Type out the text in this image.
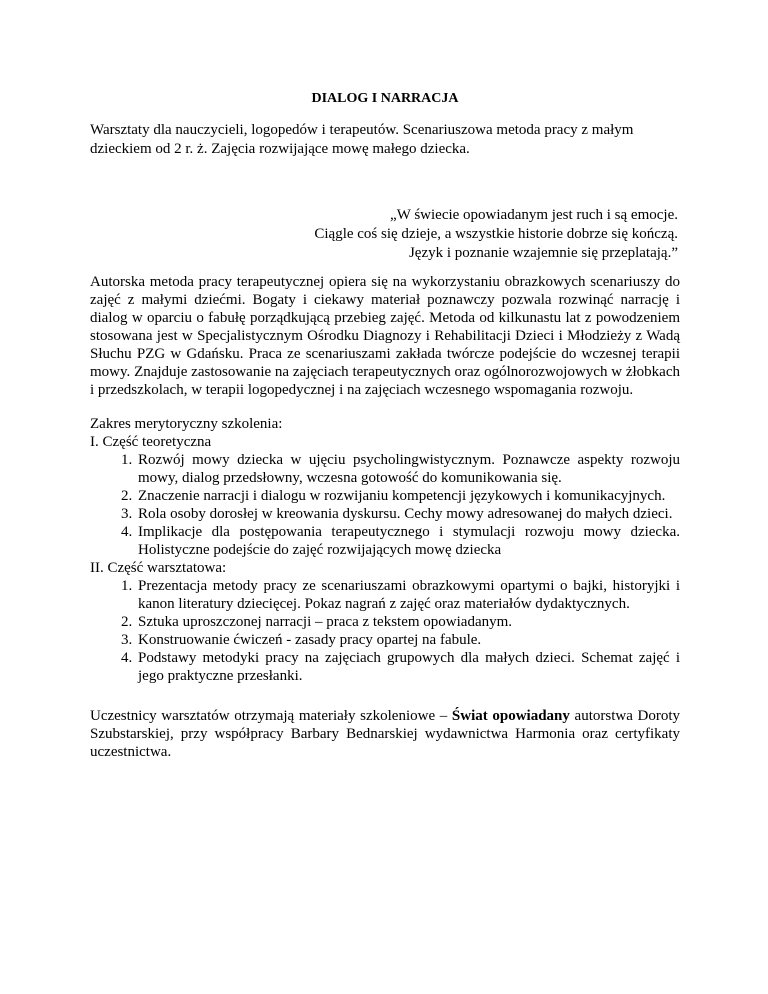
DIALOG I NARRACJA
Warsztaty dla nauczycieli, logopedów i terapeutów. Scenariuszowa metoda pracy z małym dzieckiem od 2 r. ż. Zajęcia rozwijające mowę małego dziecka.
„W świecie opowiadanym jest ruch i są emocje.
Ciągle coś się dzieje, a wszystkie historie dobrze się kończą.
Język i poznanie wzajemnie się przeplatają.”
Autorska metoda pracy terapeutycznej opiera się na wykorzystaniu obrazkowych scenariuszy do zajęć z małymi dziećmi. Bogaty i ciekawy materiał poznawczy pozwala rozwinąć narrację i dialog w oparciu o fabułę porządkującą przebieg zajęć. Metoda od kilkunastu lat z powodzeniem stosowana jest w Specjalistycznym Ośrodku Diagnozy i Rehabilitacji Dzieci i Młodzieży z Wadą Słuchu PZG w Gdańsku. Praca ze scenariuszami zakłada twórcze podejście do wczesnej terapii mowy. Znajduje zastosowanie na zajęciach terapeutycznych oraz ogólnorozwojowych w żłobkach i przedszkolach, w terapii logopedycznej i na zajęciach wczesnego wspomagania rozwoju.
Zakres merytoryczny szkolenia:
I. Część teoretyczna
1. Rozwój mowy dziecka w ujęciu psycholingwistycznym. Poznawcze aspekty rozwoju mowy, dialog przedsłowny, wczesna gotowość do komunikowania się.
2. Znaczenie narracji i dialogu w rozwijaniu kompetencji językowych i komunikacyjnych.
3. Rola osoby dorosłej w kreowania dyskursu. Cechy mowy adresowanej do małych dzieci.
4. Implikacje dla postępowania terapeutycznego i stymulacji rozwoju mowy dziecka. Holistyczne podejście do zajęć rozwijających mowę dziecka
II. Część warsztatowa:
1. Prezentacja metody pracy ze scenariuszami obrazkowymi opartymi o bajki, historyjki i kanon literatury dziecięcej. Pokaz nagrań z zajęć oraz materiałów dydaktycznych.
2. Sztuka uproszczonej narracji – praca z tekstem opowiadanym.
3. Konstruowanie ćwiczeń - zasady pracy opartej na fabule.
4. Podstawy metodyki pracy na zajęciach grupowych dla małych dzieci. Schemat zajęć i jego praktyczne przesłanki.
Uczestnicy warsztatów otrzymają materiały szkoleniowe – Świat opowiadany autorstwa Doroty Szubstarskiej, przy współpracy Barbary Bednarskiej wydawnictwa Harmonia oraz certyfikaty uczestnictwa.
